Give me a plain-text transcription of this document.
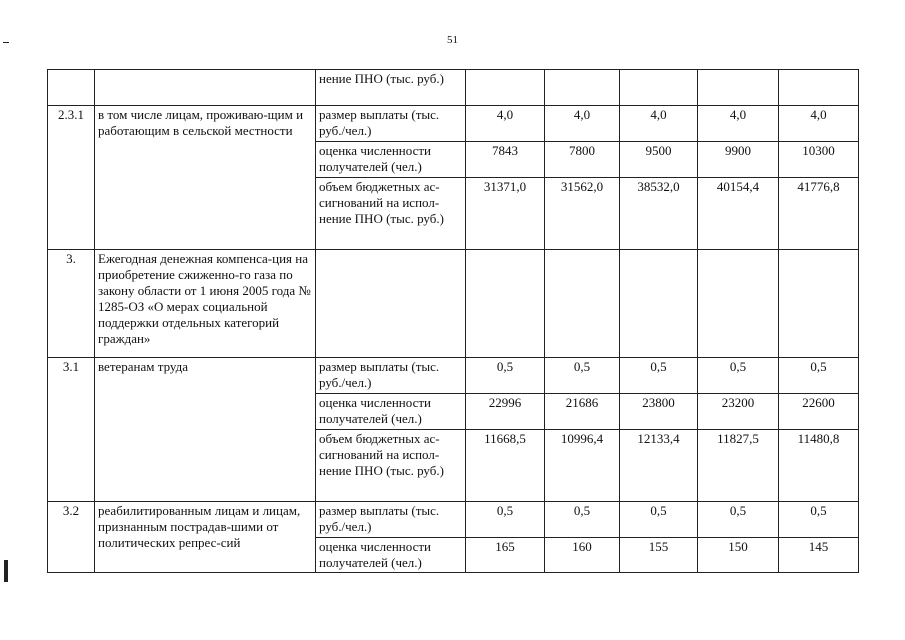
51
		нение ПНО (тыс. руб.)					
2.3.1	в том числе лицам, проживаю-щим и работающим в сельской местности	размер выплаты (тыс. руб./чел.)	4,0	4,0	4,0	4,0	4,0
		оценка численности получателей (чел.)	7843	7800	9500	9900	10300
		объем бюджетных ас-сигнований на испол-нение ПНО (тыс. руб.)	31371,0	31562,0	38532,0	40154,4	41776,8
3.	Ежегодная денежная компенса-ция на приобретение сжиженно-го газа по закону области от 1 июня 2005 года № 1285-ОЗ «О мерах социальной поддержки отдельных категорий граждан»						
3.1	ветеранам труда	размер выплаты (тыс. руб./чел.)	0,5	0,5	0,5	0,5	0,5
		оценка численности получателей (чел.)	22996	21686	23800	23200	22600
		объем бюджетных ас-сигнований на испол-нение ПНО (тыс. руб.)	11668,5	10996,4	12133,4	11827,5	11480,8
3.2	реабилитированным лицам и лицам, признанным пострадав-шими от политических репрес-сий	размер выплаты (тыс. руб./чел.)	0,5	0,5	0,5	0,5	0,5
		оценка численности получателей (чел.)	165	160	155	150	145
